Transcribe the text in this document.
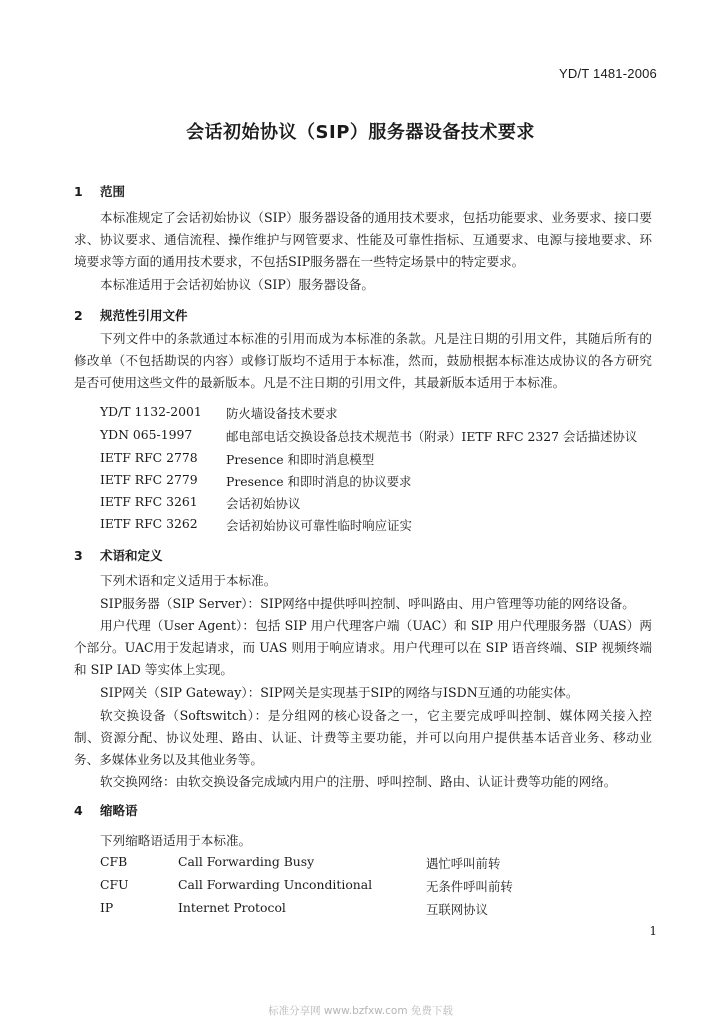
YD/T 1481-2006
会话初始协议（SIP）服务器设备技术要求
1 范围
本标准规定了会话初始协议（SIP）服务器设备的通用技术要求，包括功能要求、业务要求、接口要求、协议要求、通信流程、操作维护与网管要求、性能及可靠性指标、互通要求、电源与接地要求、环境要求等方面的通用技术要求，不包括SIP服务器在一些特定场景中的特定要求。
本标准适用于会话初始协议（SIP）服务器设备。
2 规范性引用文件
下列文件中的条款通过本标准的引用而成为本标准的条款。凡是注日期的引用文件，其随后所有的修改单（不包括勘误的内容）或修订版均不适用于本标准，然而，鼓励根据本标准达成协议的各方研究是否可使用这些文件的最新版本。凡是不注日期的引用文件，其最新版本适用于本标准。
YD/T 1132-2001 防火墙设备技术要求
YDN 065-1997	邮电部电话交换设备总技术规范书（附录）IETF RFC 2327 会话描述协议
IETF RFC 2778 Presence 和即时消息模型
IETF RFC 2779 Presence 和即时消息的协议要求
IETF RFC 3261 会话初始协议
IETF RFC 3262 会话初始协议可靠性临时响应证实
3 术语和定义
下列术语和定义适用于本标准。
SIP服务器（SIP Server）：SIP网络中提供呼叫控制、呼叫路由、用户管理等功能的网络设备。
用户代理（User Agent）：包括 SIP 用户代理客户端（UAC）和 SIP 用户代理服务器（UAS）两个部分。UAC用于发起请求，而 UAS 则用于响应请求。用户代理可以在 SIP 语音终端、SIP 视频终端和 SIP IAD 等实体上实现。
SIP网关（SIP Gateway）：SIP网关是实现基于SIP的网络与ISDN互通的功能实体。
软交换设备（Softswitch）：是分组网的核心设备之一，它主要完成呼叫控制、媒体网关接入控制、资源分配、协议处理、路由、认证、计费等主要功能，并可以向用户提供基本话音业务、移动业务、多媒体业务以及其他业务等。
软交换网络：由软交换设备完成域内用户的注册、呼叫控制、路由、认证计费等功能的网络。
4 缩略语
下列缩略语适用于本标准。
CFB	Call Forwarding Busy	遇忙呼叫前转
CFU	Call Forwarding Unconditional	无条件呼叫前转
IP	Internet Protocol	互联网协议
1
标准分享网 www.bzfxw.com 免费下载
